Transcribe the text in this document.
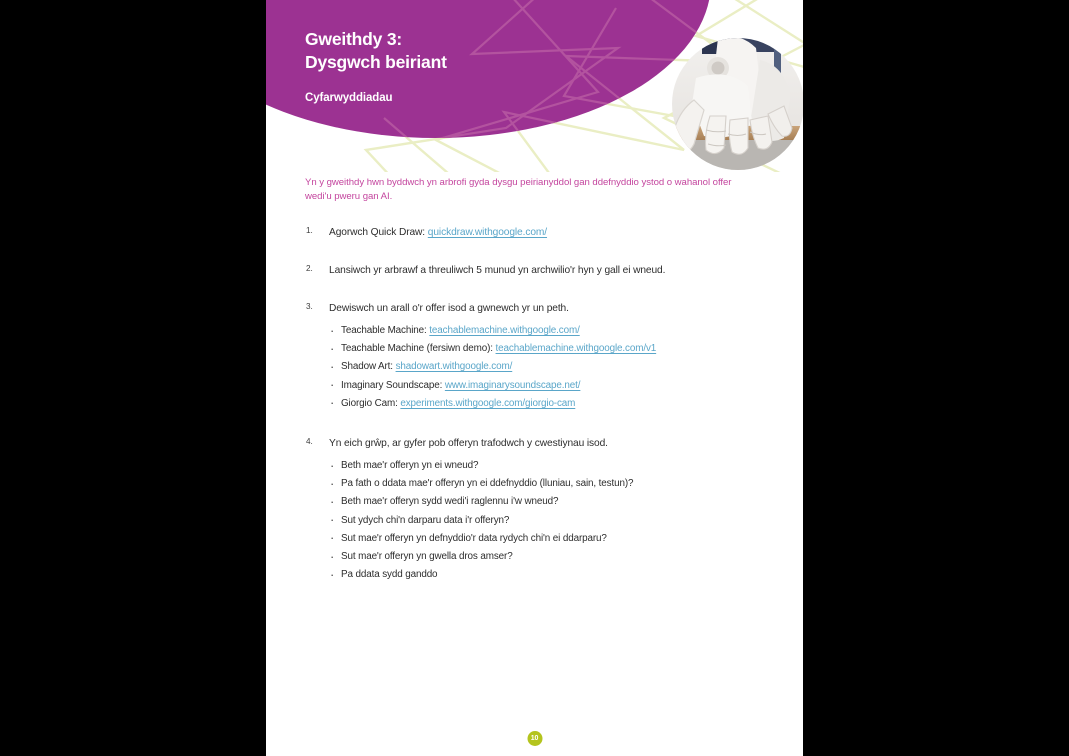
Gweithdy 3:
Dysgwch beiriant
Cyfarwyddiadau

Yn y gweithdy hwn byddwch yn arbrofi gyda dysgu peirianyddol gan ddefnyddio ystod o wahanol offer wedi'u pweru gan AI.

1. Agorwch Quick Draw: quickdraw.withgoogle.com/
2. Lansiwch yr arbrawf a threuliwch 5 munud yn archwilio'r hyn y gall ei wneud.
3. Dewiswch un arall o'r offer isod a gwnewch yr un peth.
· Teachable Machine: teachablemachine.withgoogle.com/
· Teachable Machine (fersiwn demo): teachablemachine.withgoogle.com/v1
· Shadow Art: shadowart.withgoogle.com/
· Imaginary Soundscape: www.imaginarysoundscape.net/
· Giorgio Cam: experiments.withgoogle.com/giorgio-cam
4. Yn eich grŵp, ar gyfer pob offeryn trafodwch y cwestiynau isod.
· Beth mae'r offeryn yn ei wneud?
· Pa fath o ddata mae'r offeryn yn ei ddefnyddio (lluniau, sain, testun)?
· Beth mae'r offeryn sydd wedi'i raglennu i'w wneud?
· Sut ydych chi'n darparu data i'r offeryn?
· Sut mae'r offeryn yn defnyddio'r data rydych chi'n ei ddarparu?
· Sut mae'r offeryn yn gwella dros amser?
· Pa ddata sydd ganddo
10
